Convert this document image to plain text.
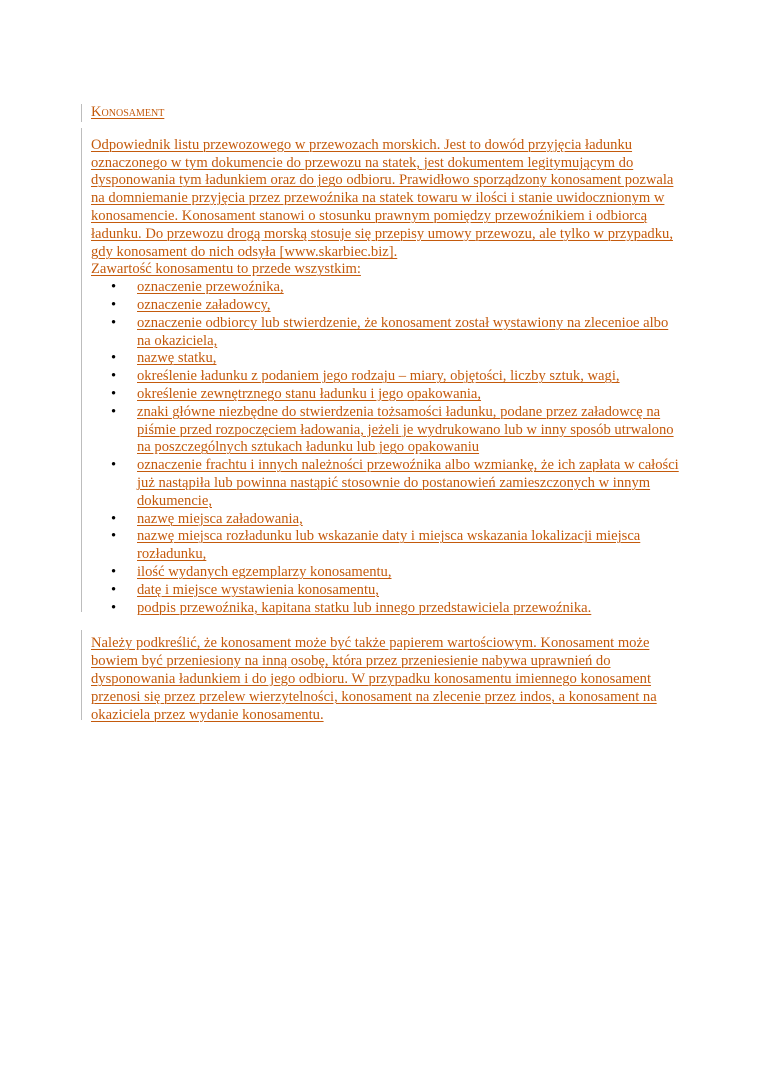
Konosament

Odpowiednik listu przewozowego w przewozach morskich. Jest to dowód przyjęcia ładunku oznaczonego w tym dokumencie do przewozu na statek, jest dokumentem legitymującym do dysponowania tym ładunkiem oraz do jego odbioru. Prawidłowo sporządzony konosament pozwala na domniemanie przyjęcia przez przewoźnika na statek towaru w ilości i stanie uwidocznionym w konosamencie. Konosament stanowi o stosunku prawnym pomiędzy przewoźnikiem i odbiorcą ładunku. Do przewozu drogą morską stosuje się przepisy umowy przewozu, ale tylko w przypadku, gdy konosament do nich odsyła [www.skarbiec.biz].

Zawartość konosamentu to przede wszystkim:

• oznaczenie przewoźnika,
• oznaczenie załadowcy,
• oznaczenie odbiorcy lub stwierdzenie, że konosament został wystawiony na zlecenioe albo na okaziciela,
• nazwę statku,
• określenie ładunku z podaniem jego rodzaju – miary, objętości, liczby sztuk, wagi,
• określenie zewnętrznego stanu ładunku i jego opakowania,
• znaki główne niezbędne do stwierdzenia tożsamości ładunku, podane przez załadowcę na piśmie przed rozpoczęciem ładowania, jeżeli je wydrukowano lub w inny sposób utrwalono na poszczególnych sztukach ładunku lub jego opakowaniu
• oznaczenie frachtu i innych należności przewoźnika albo wzmiankę, że ich zapłata w całości już nastąpiła lub powinna nastąpić stosownie do postanowień zamieszczonych w innym dokumencie,
• nazwę miejsca załadowania,
• nazwę miejsca rozładunku lub wskazanie daty i miejsca wskazania lokalizacji miejsca rozładunku,
• ilość wydanych egzemplarzy konosamentu,
• datę i miejsce wystawienia konosamentu,
• podpis przewoźnika, kapitana statku lub innego przedstawiciela przewoźnika.

Należy podkreślić, że konosament może być także papierem wartościowym. Konosament może bowiem być przeniesiony na inną osobę, która przez przeniesienie nabywa uprawnień do dysponowania ładunkiem i do jego odbioru. W przypadku konosamentu imiennego konosament przenosi się przez przelew wierzytelności, konosament na zlecenie przez indos, a konosament na okaziciela przez wydanie konosamentu.
